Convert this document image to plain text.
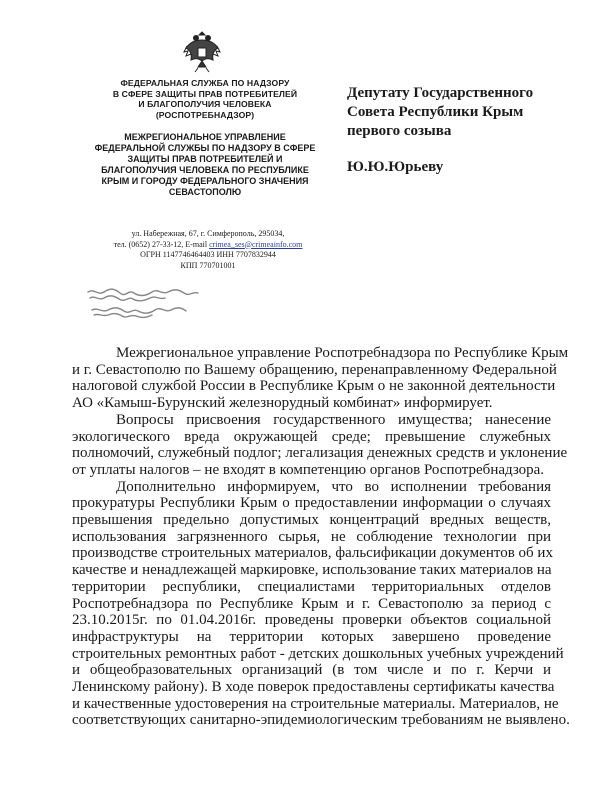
ФЕДЕРАЛЬНАЯ СЛУЖБА ПО НАДЗОРУ
В СФЕРЕ ЗАЩИТЫ ПРАВ ПОТРЕБИТЕЛЕЙ
И БЛАГОПОЛУЧИЯ ЧЕЛОВЕКА
(РОСПОТРЕБНАДЗОР)
МЕЖРЕГИОНАЛЬНОЕ УПРАВЛЕНИЕ
ФЕДЕРАЛЬНОЙ СЛУЖБЫ ПО НАДЗОРУ В СФЕРЕ
ЗАЩИТЫ ПРАВ ПОТРЕБИТЕЛЕЙ И
БЛАГОПОЛУЧИЯ ЧЕЛОВЕКА ПО РЕСПУБЛИКЕ
КРЫМ И ГОРОДУ ФЕДЕРАЛЬНОГО ЗНАЧЕНИЯ
СЕВАСТОПОЛЮ
ул. Набережная, 67, г. Симферополь, 295034,
тел. (0652) 27-33-12, E-mail crimea_ses@crimeainfo.com
ОГРН 1147746464403 ИНН 7707832944
КПП 770701001
Депутату Государственного
Совета Республики Крым
первого созыва
Ю.Ю.Юрьеву
Межрегиональное управление Роспотребнадзора по Республике Крым
и г. Севастополю по Вашему обращению, перенаправленному Федеральной
налоговой службой России в Республике Крым о не законной деятельности
АО «Камыш-Бурунский железнорудный комбинат» информирует.
Вопросы присвоения государственного имущества; нанесение
экологического вреда окружающей среде; превышение служебных
полномочий, служебный подлог; легализация денежных средств и уклонение
от уплаты налогов – не входят в компетенцию органов Роспотребнадзора.
Дополнительно информируем, что во исполнении требования
прокуратуры Республики Крым о предоставлении информации о случаях
превышения предельно допустимых концентраций вредных веществ,
использования загрязненного сырья, не соблюдение технологии при
производстве строительных материалов, фальсификации документов об их
качестве и ненадлежащей маркировке, использование таких материалов на
территории республики, специалистами территориальных отделов
Роспотребнадзора по Республике Крым и г. Севастополю за период с
23.10.2015г. по 01.04.2016г. проведены проверки объектов социальной
инфраструктуры на территории которых завершено проведение
строительных ремонтных работ - детских дошкольных учебных учреждений
и общеобразовательных организаций (в том числе и по г. Керчи и
Ленинскому району). В ходе поверок предоставлены сертификаты качества
и качественные удостоверения на строительные материалы. Материалов, не
соответствующих санитарно-эпидемиологическим требованиям не выявлено.
